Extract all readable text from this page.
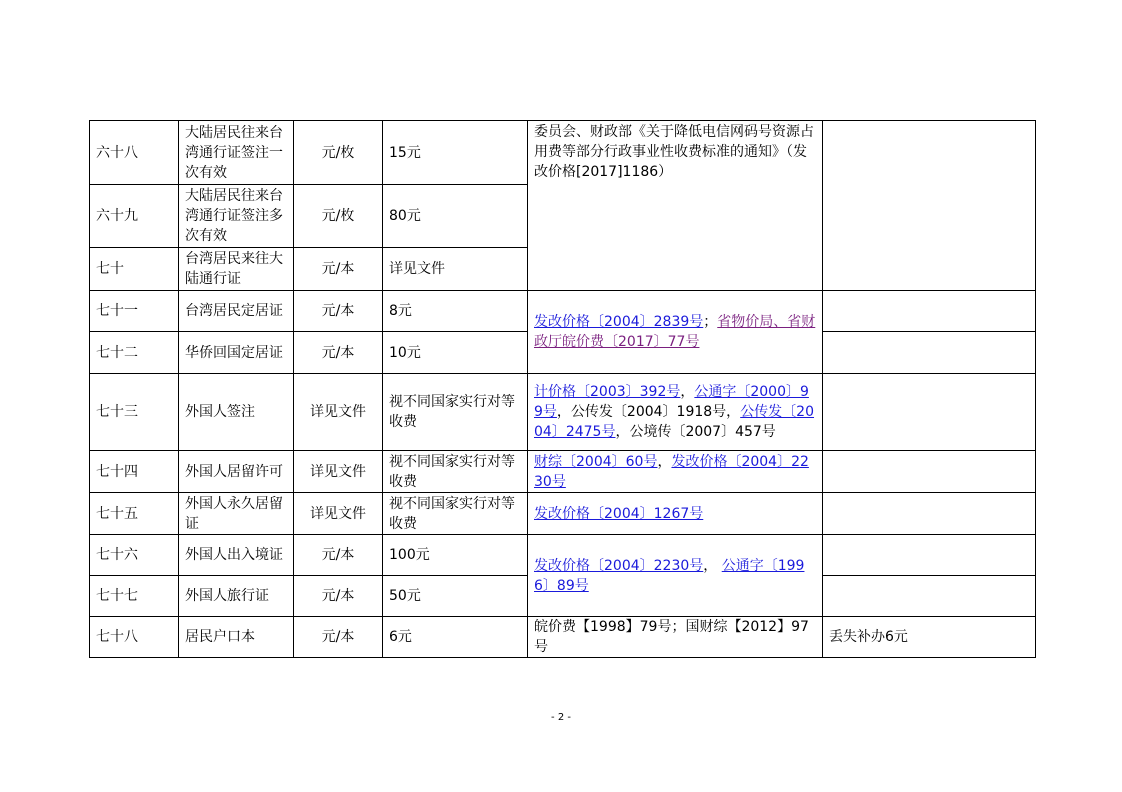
六十八	大陆居民往来台湾通行证签注一次有效	元/枚	15元	委员会、财政部《关于降低电信网码号资源占用费等部分行政事业性收费标准的通知》（发改价格[2017]1186）	
六十九	大陆居民往来台湾通行证签注多次有效	元/枚	80元		
七十	台湾居民来往大陆通行证	元/本	详见文件		
七十一	台湾居民定居证	元/本	8元	发改价格〔2004〕2839号；省物价局、省财政厅皖价费〔2017〕77号	
七十二	华侨回国定居证	元/本	10元		
七十三	外国人签注	详见文件	视不同国家实行对等收费	计价格〔2003〕392号，公通字〔2000〕99号，公传发〔2004〕1918号，公传发〔2004〕2475号，公境传〔2007〕457号	
七十四	外国人居留许可	详见文件	视不同国家实行对等收费	财综〔2004〕60号，发改价格〔2004〕2230号	
七十五	外国人永久居留证	详见文件	视不同国家实行对等收费	发改价格〔2004〕1267号	
七十六	外国人出入境证	元/本	100元	发改价格〔2004〕2230号， 公通字〔1996〕89号	
七十七	外国人旅行证	元/本	50元		
七十八	居民户口本	元/本	6元	皖价费【1998】79号；国财综【2012】97号	丢失补办6元
- 2 -
